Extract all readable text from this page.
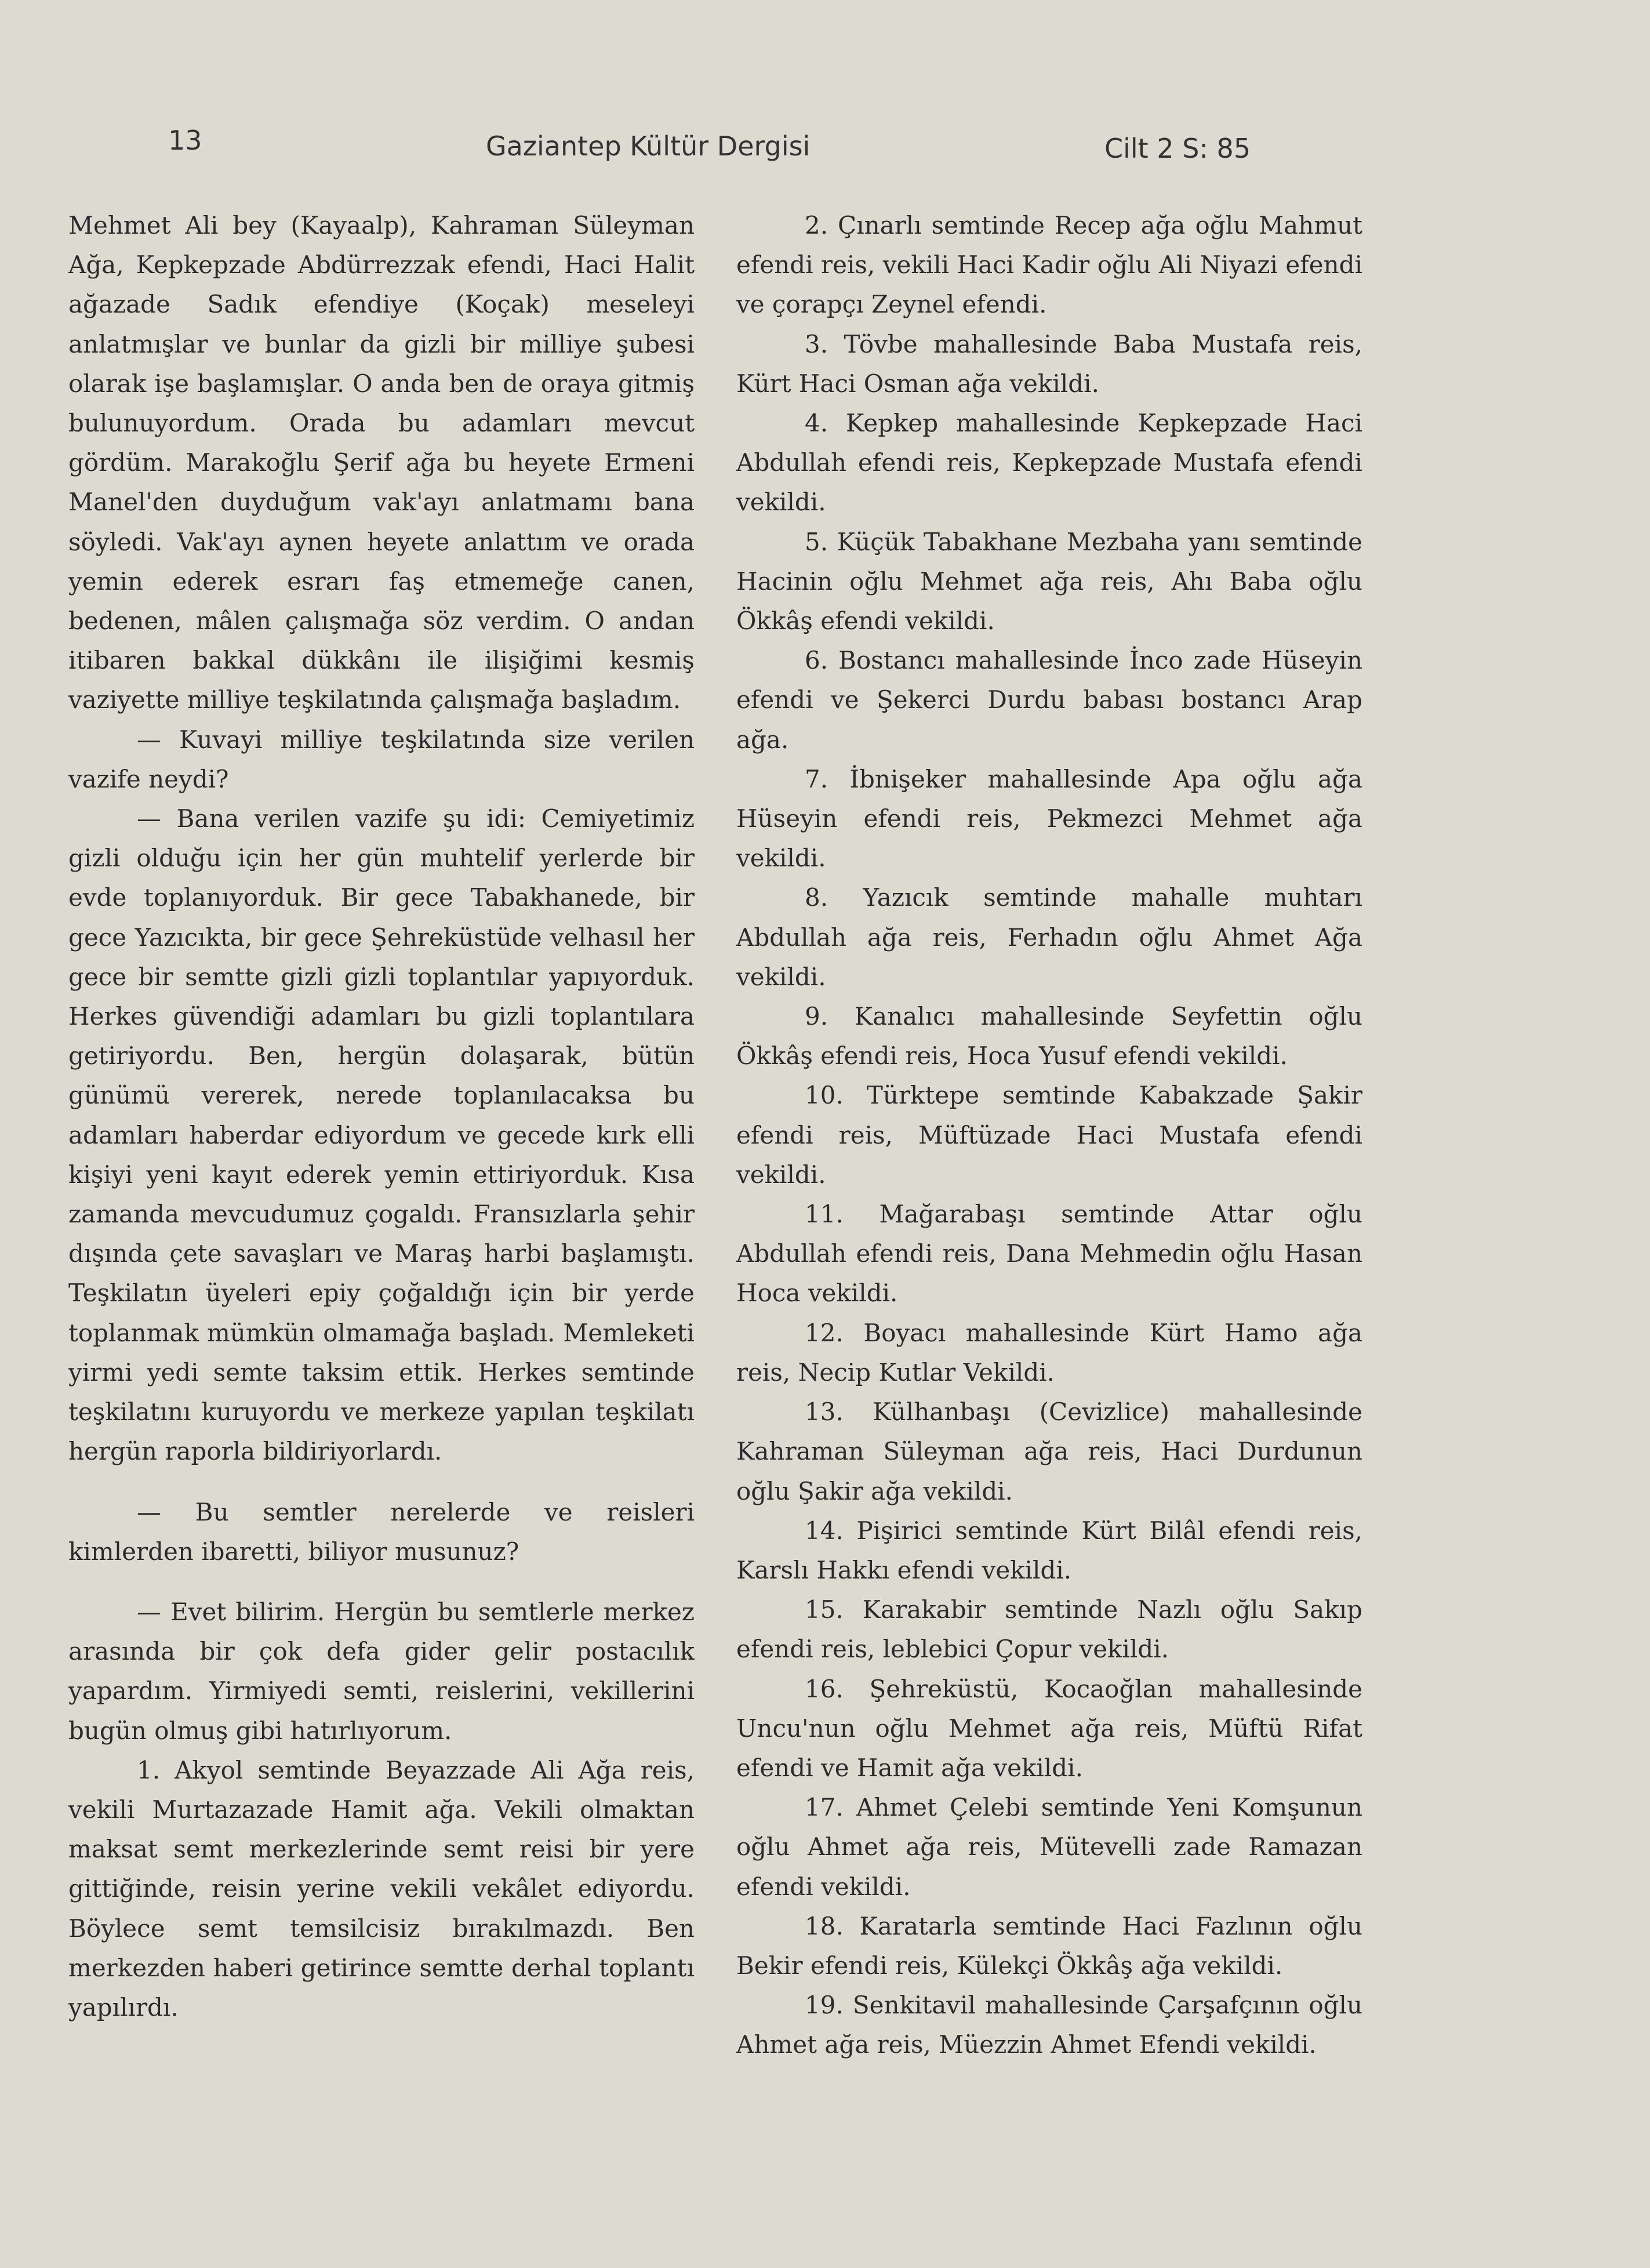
13	Gaziantep Kültür Dergisi	Cilt 2 S: 85

Mehmet Ali bey (Kayaalp), Kahraman Süleyman Ağa, Kepkepzade Abdürrezzak efendi, Haci Halit ağazade Sadık efendiye (Koçak) meseleyi anlatmışlar ve bunlar da gizli bir milliye şubesi olarak işe başlamışlar. O anda ben de oraya gitmiş bulunuyordum. Orada bu adamları mevcut gördüm. Marakoğlu Şerif ağa bu heyete Ermeni Manel'den duyduğum vak'ayı anlatmamı bana söyledi. Vak'ayı aynen heyete anlattım ve orada yemin ederek esrarı faş etmemeğe canen, bedenen, mâlen çalışmağa söz verdim. O andan itibaren bakkal dükkânı ile ilişiğimi kesmiş vaziyette milliye teşkilatında çalışmağa başladım.

— Kuvayi milliye teşkilatında size verilen vazife neydi?

— Bana verilen vazife şu idi: Cemiyetimiz gizli olduğu için her gün muhtelif yerlerde bir evde toplanıyorduk. Bir gece Tabakhanede, bir gece Yazıcıkta, bir gece Şehreküstüde velhasıl her gece bir semtte gizli gizli toplantılar yapıyorduk. Herkes güvendiği adamları bu gizli toplantılara getiriyordu. Ben, hergün dolaşarak, bütün günümü vererek, nerede toplanılacaksa bu adamları haberdar ediyordum ve gecede kırk elli kişiyi yeni kayıt ederek yemin ettiriyorduk. Kısa zamanda mevcudumuz çogaldı. Fransızlarla şehir dışında çete savaşları ve Maraş harbi başlamıştı. Teşkilatın üyeleri epiy çoğaldığı için bir yerde toplanmak mümkün olmamağa başladı. Memleketi yirmi yedi semte taksim ettik. Herkes semtinde teşkilatını kuruyordu ve merkeze yapılan teşkilatı hergün raporla bildiriyorlardı.

— Bu semtler nerelerde ve reisleri kimlerden ibaretti, biliyor musunuz?

— Evet bilirim. Hergün bu semtlerle merkez arasında bir çok defa gider gelir postacılık yapardım. Yirmiyedi semti, reislerini, vekillerini bugün olmuş gibi hatırlıyorum.

1. Akyol semtinde Beyazzade Ali Ağa reis, vekili Murtazazade Hamit ağa. Vekili olmaktan maksat semt merkezlerinde semt reisi bir yere gittiğinde, reisin yerine vekili vekâlet ediyordu. Böylece semt temsilcisiz bırakılmazdı. Ben merkezden haberi getirince semtte derhal toplantı yapılırdı.

2. Çınarlı semtinde Recep ağa oğlu Mahmut efendi reis, vekili Haci Kadir oğlu Ali Niyazi efendi ve çorapçı Zeynel efendi.

3. Tövbe mahallesinde Baba Mustafa reis, Kürt Haci Osman ağa vekildi.

4. Kepkep mahallesinde Kepkepzade Haci Abdullah efendi reis, Kepkepzade Mustafa efendi vekildi.

5. Küçük Tabakhane Mezbaha yanı semtinde Hacinin oğlu Mehmet ağa reis, Ahı Baba oğlu Ökkâş efendi vekildi.

6. Bostancı mahallesinde İnco zade Hüseyin efendi ve Şekerci Durdu babası bostancı Arap ağa.

7. İbnişeker mahallesinde Apa oğlu ağa Hüseyin efendi reis, Pekmezci Mehmet ağa vekildi.

8. Yazıcık semtinde mahalle muhtarı Abdullah ağa reis, Ferhadın oğlu Ahmet Ağa vekildi.

9. Kanalıcı mahallesinde Seyfettin oğlu Ökkâş efendi reis, Hoca Yusuf efendi vekildi.

10. Türktepe semtinde Kabakzade Şakir efendi reis, Müftüzade Haci Mustafa efendi vekildi.

11. Mağarabaşı semtinde Attar oğlu Abdullah efendi reis, Dana Mehmedin oğlu Hasan Hoca vekildi.

12. Boyacı mahallesinde Kürt Hamo ağa reis, Necip Kutlar Vekildi.

13. Külhanbaşı (Cevizlice) mahallesinde Kahraman Süleyman ağa reis, Haci Durdunun oğlu Şakir ağa vekildi.

14. Pişirici semtinde Kürt Bilâl efendi reis, Karslı Hakkı efendi vekildi.

15. Karakabir semtinde Nazlı oğlu Sakıp efendi reis, leblebici Çopur vekildi.

16. Şehreküstü, Kocaoğlan mahallesinde Uncu'nun oğlu Mehmet ağa reis, Müftü Rifat efendi ve Hamit ağa vekildi.

17. Ahmet Çelebi semtinde Yeni Komşunun oğlu Ahmet ağa reis, Mütevelli zade Ramazan efendi vekildi.

18. Karatarla semtinde Haci Fazlının oğlu Bekir efendi reis, Külekçi Ökkâş ağa vekildi.

19. Senkitavil mahallesinde Çarşafçının oğlu Ahmet ağa reis, Müezzin Ahmet Efendi vekildi.
